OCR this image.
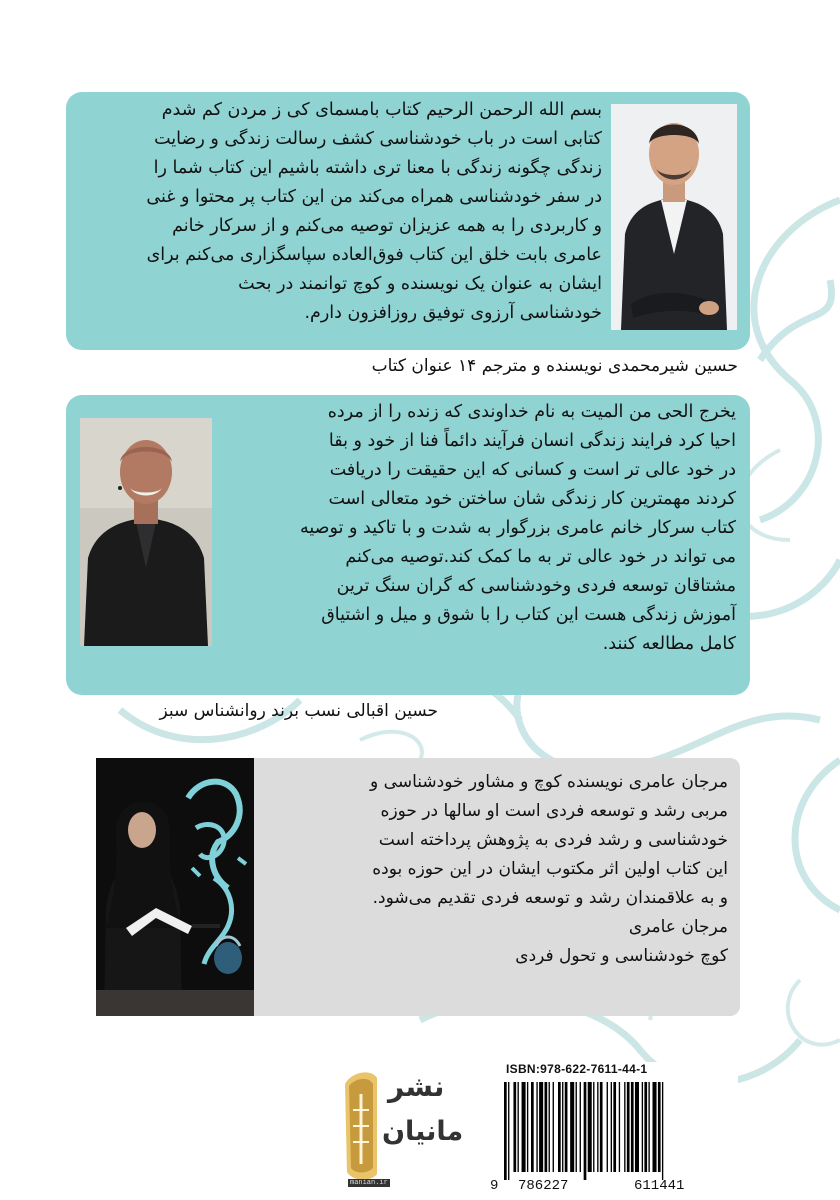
بسم الله الرحمن الرحیم کتاب بامسمای کی ز مردن کم شدم
کتابی است در باب خودشناسی کشف رسالت زندگی و رضایت
زندگی چگونه زندگی با معنا تری داشته باشیم این کتاب شما را
در سفر خودشناسی همراه می‌کند من این کتاب پر محتوا و غنی
و کاربردی را به همه عزیزان توصیه می‌کنم و از سرکار خانم
عامری بابت خلق این کتاب فوق‌العاده سپاسگزاری می‌کنم برای
ایشان به عنوان یک نویسنده و کوچ توانمند در بحث
خودشناسی آرزوی توفیق روزافزون دارم.

حسین شیرمحمدی نویسنده و مترجم ۱۴ عنوان کتاب

یخرج الحی من المیت به نام خداوندی که زنده را از مرده
احیا کرد فرایند زندگی انسان فرآیند دائماً فنا از خود و بقا
در خود عالی تر است و کسانی که این حقیقت را دریافت
کردند مهمترین کار زندگی شان ساختن خود متعالی است
کتاب سرکار خانم عامری بزرگوار به شدت و با تاکید و توصیه
می تواند در خود عالی تر به ما کمک کند.توصیه می‌کنم
مشتاقان توسعه فردی وخودشناسی که گران سنگ ترین
آموزش زندگی هست این کتاب را با شوق و میل و اشتیاق
کامل مطالعه کنند.

حسین اقبالی نسب برند روانشناس سبز

مرجان عامری نویسنده کوچ و مشاور خودشناسی و
مربی رشد و توسعه فردی است او سالها در حوزه
خودشناسی و رشد فردی به پژوهش پرداخته است
این کتاب اولین اثر مکتوب ایشان در این حوزه بوده
و به علاقمندان رشد و توسعه فردی تقدیم می‌شود.
مرجان عامری
کوچ خودشناسی و تحول فردی
نشر
مانیان
manian.ir
ISBN:978-622-7611-44-1
9 786227	611441
